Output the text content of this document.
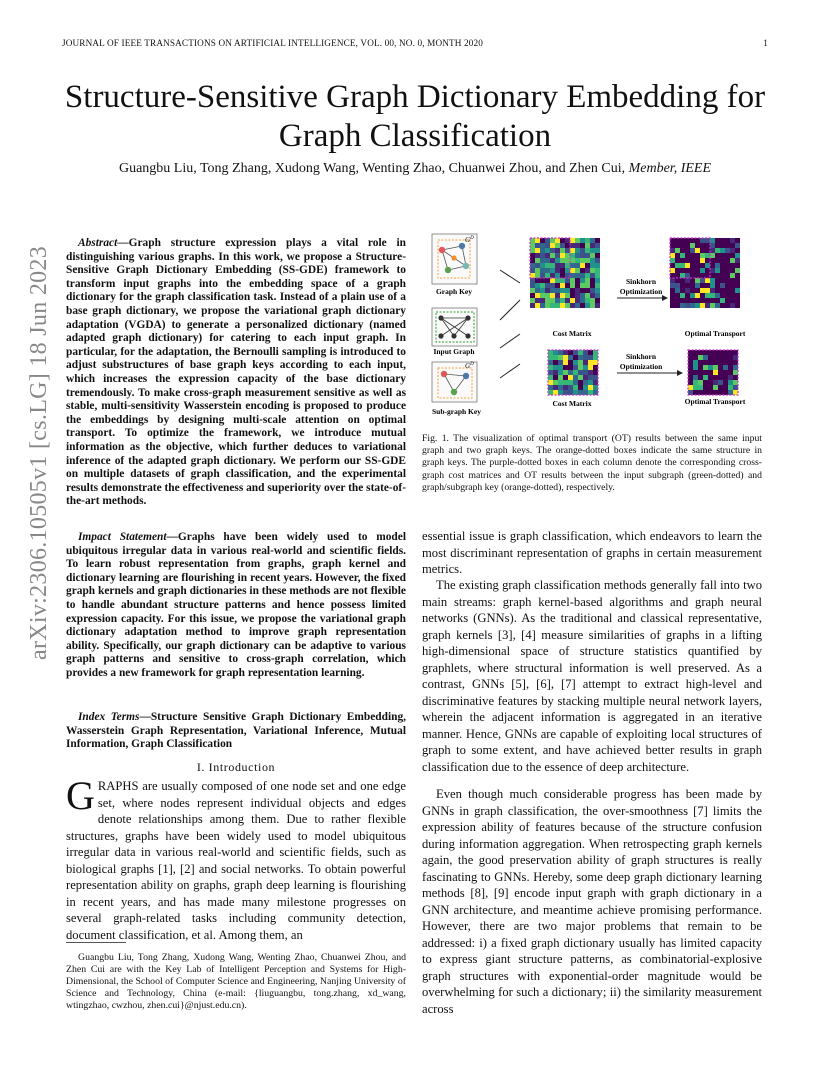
JOURNAL OF IEEE TRANSACTIONS ON ARTIFICIAL INTELLIGENCE, VOL. 00, NO. 0, MONTH 2020	1
Structure-Sensitive Graph Dictionary Embedding for
Graph Classification
Guangbu Liu, Tong Zhang, Xudong Wang, Wenting Zhao, Chuanwei Zhou, and Zhen Cui, Member, IEEE
arXiv:2306.10505v1 [cs.LG] 18 Jun 2023
Abstract—Graph structure expression plays a vital role in distinguishing various graphs. In this work, we propose a Structure-Sensitive Graph Dictionary Embedding (SS-GDE) framework to transform input graphs into the embedding space of a graph dictionary for the graph classification task. Instead of a plain use of a base graph dictionary, we propose the variational graph dictionary adaptation (VGDA) to generate a personalized dictionary (named adapted graph dictionary) for catering to each input graph. In particular, for the adaptation, the Bernoulli sampling is introduced to adjust substructures of base graph keys according to each input, which increases the expression capacity of the base dictionary tremendously. To make cross-graph measurement sensitive as well as stable, multi-sensitivity Wasserstein encoding is proposed to produce the embeddings by designing multi-scale attention on optimal transport. To optimize the framework, we introduce mutual information as the objective, which further deduces to variational inference of the adapted graph dictionary. We perform our SS-GDE on multiple datasets of graph classification, and the experimental results demonstrate the effectiveness and superiority over the state-of-the-art methods.
Impact Statement—Graphs have been widely used to model ubiquitous irregular data in various real-world and scientific fields. To learn robust representation from graphs, graph kernel and dictionary learning are flourishing in recent years. However, the fixed graph kernels and graph dictionaries in these methods are not flexible to handle abundant structure patterns and hence possess limited expression capacity. For this issue, we propose the variational graph dictionary adaptation method to improve graph representation ability. Specifically, our graph dictionary can be adaptive to various graph patterns and sensitive to cross-graph correlation, which provides a new framework for graph representation learning.
Index Terms—Structure Sensitive Graph Dictionary Embedding, Wasserstein Graph Representation, Variational Inference, Mutual Information, Graph Classification
I. Introduction
GRAPHS are usually composed of one node set and one edge set, where nodes represent individual objects and edges denote relationships among them. Due to rather flexible structures, graphs have been widely used to model ubiquitous irregular data in various real-world and scientific fields, such as biological graphs [1], [2] and social networks. To obtain powerful representation ability on graphs, graph deep learning is flourishing in recent years, and has made many milestone progresses on several graph-related tasks including community detection, document classification, et al. Among them, an
Guangbu Liu, Tong Zhang, Xudong Wang, Wenting Zhao, Chuanwei Zhou, and Zhen Cui are with the Key Lab of Intelligent Perception and Systems for High-Dimensional, the School of Computer Science and Engineering, Nanjing University of Science and Technology, China (e-mail: {liuguangbu, tong.zhang, xd_wang, wtingzhao, cwzhou, zhen.cui}@njust.edu.cn).
$G^D$
Graph Key
Input Graph
$G^D$
Sub-graph Key
Cost Matrix
Cost Matrix
Optimal Transport
Optimal Transport
Sinkhorn
Optimization
Sinkhorn
Optimization
Fig. 1. The visualization of optimal transport (OT) results between the same input graph and two graph keys. The orange-dotted boxes indicate the same structure in graph keys. The purple-dotted boxes in each column denote the corresponding cross-graph cost matrices and OT results between the input subgraph (green-dotted) and graph/subgraph key (orange-dotted), respectively.
essential issue is graph classification, which endeavors to learn the most discriminant representation of graphs in certain measurement metrics.
The existing graph classification methods generally fall into two main streams: graph kernel-based algorithms and graph neural networks (GNNs). As the traditional and classical representative, graph kernels [3], [4] measure similarities of graphs in a lifting high-dimensional space of structure statistics quantified by graphlets, where structural information is well preserved. As a contrast, GNNs [5], [6], [7] attempt to extract high-level and discriminative features by stacking multiple neural network layers, wherein the adjacent information is aggregated in an iterative manner. Hence, GNNs are capable of exploiting local structures of graph to some extent, and have achieved better results in graph classification due to the essence of deep architecture.
Even though much considerable progress has been made by GNNs in graph classification, the over-smoothness [7] limits the expression ability of features because of the structure confusion during information aggregation. When retrospecting graph kernels again, the good preservation ability of graph structures is really fascinating to GNNs. Hereby, some deep graph dictionary learning methods [8], [9] encode input graph with graph dictionary in a GNN architecture, and meantime achieve promising performance. However, there are two major problems that remain to be addressed: i) a fixed graph dictionary usually has limited capacity to express giant structure patterns, as combinatorial-explosive graph structures with exponential-order magnitude would be overwhelming for such a dictionary; ii) the similarity measurement across
